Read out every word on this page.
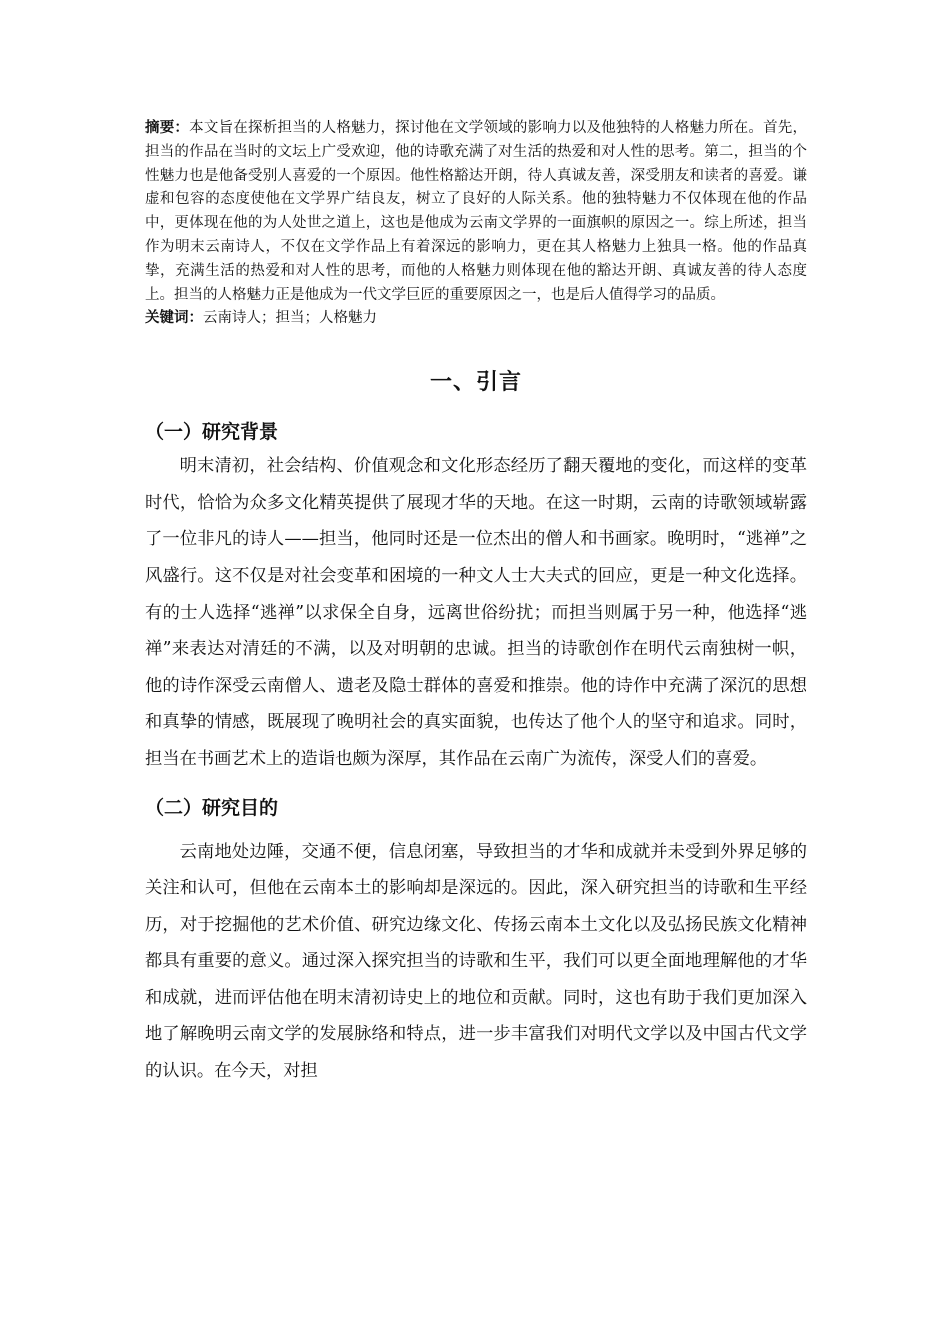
摘要：本文旨在探析担当的人格魅力，探讨他在文学领域的影响力以及他独特的人格魅力所在。首先，担当的作品在当时的文坛上广受欢迎，他的诗歌充满了对生活的热爱和对人性的思考。第二，担当的个性魅力也是他备受别人喜爱的一个原因。他性格豁达开朗，待人真诚友善，深受朋友和读者的喜爱。谦虚和包容的态度使他在文学界广结良友，树立了良好的人际关系。他的独特魅力不仅体现在他的作品中，更体现在他的为人处世之道上，这也是他成为云南文学界的一面旗帜的原因之一。综上所述，担当作为明末云南诗人，不仅在文学作品上有着深远的影响力，更在其人格魅力上独具一格。他的作品真挚，充满生活的热爱和对人性的思考，而他的人格魅力则体现在他的豁达开朗、真诚友善的待人态度上。担当的人格魅力正是他成为一代文学巨匠的重要原因之一，也是后人值得学习的品质。

关键词：云南诗人；担当；人格魅力

一、引言
（一）研究背景

明末清初，社会结构、价值观念和文化形态经历了翻天覆地的变化，而这样的变革时代，恰恰为众多文化精英提供了展现才华的天地。在这一时期，云南的诗歌领域崭露了一位非凡的诗人——担当，他同时还是一位杰出的僧人和书画家。晚明时，“逃禅”之风盛行。这不仅是对社会变革和困境的一种文人士大夫式的回应，更是一种文化选择。有的士人选择“逃禅”以求保全自身，远离世俗纷扰；而担当则属于另一种，他选择“逃禅”来表达对清廷的不满，以及对明朝的忠诚。担当的诗歌创作在明代云南独树一帜，他的诗作深受云南僧人、遗老及隐士群体的喜爱和推崇。他的诗作中充满了深沉的思想和真挚的情感，既展现了晚明社会的真实面貌，也传达了他个人的坚守和追求。同时，担当在书画艺术上的造诣也颇为深厚，其作品在云南广为流传，深受人们的喜爱。

（二）研究目的

云南地处边陲，交通不便，信息闭塞，导致担当的才华和成就并未受到外界足够的关注和认可，但他在云南本土的影响却是深远的。因此，深入研究担当的诗歌和生平经历，对于挖掘他的艺术价值、研究边缘文化、传扬云南本土文化以及弘扬民族文化精神都具有重要的意义。通过深入探究担当的诗歌和生平，我们可以更全面地理解他的才华和成就，进而评估他在明末清初诗史上的地位和贡献。同时，这也有助于我们更加深入地了解晚明云南文学的发展脉络和特点，进一步丰富我们对明代文学以及中国古代文学的认识。在今天，对担
